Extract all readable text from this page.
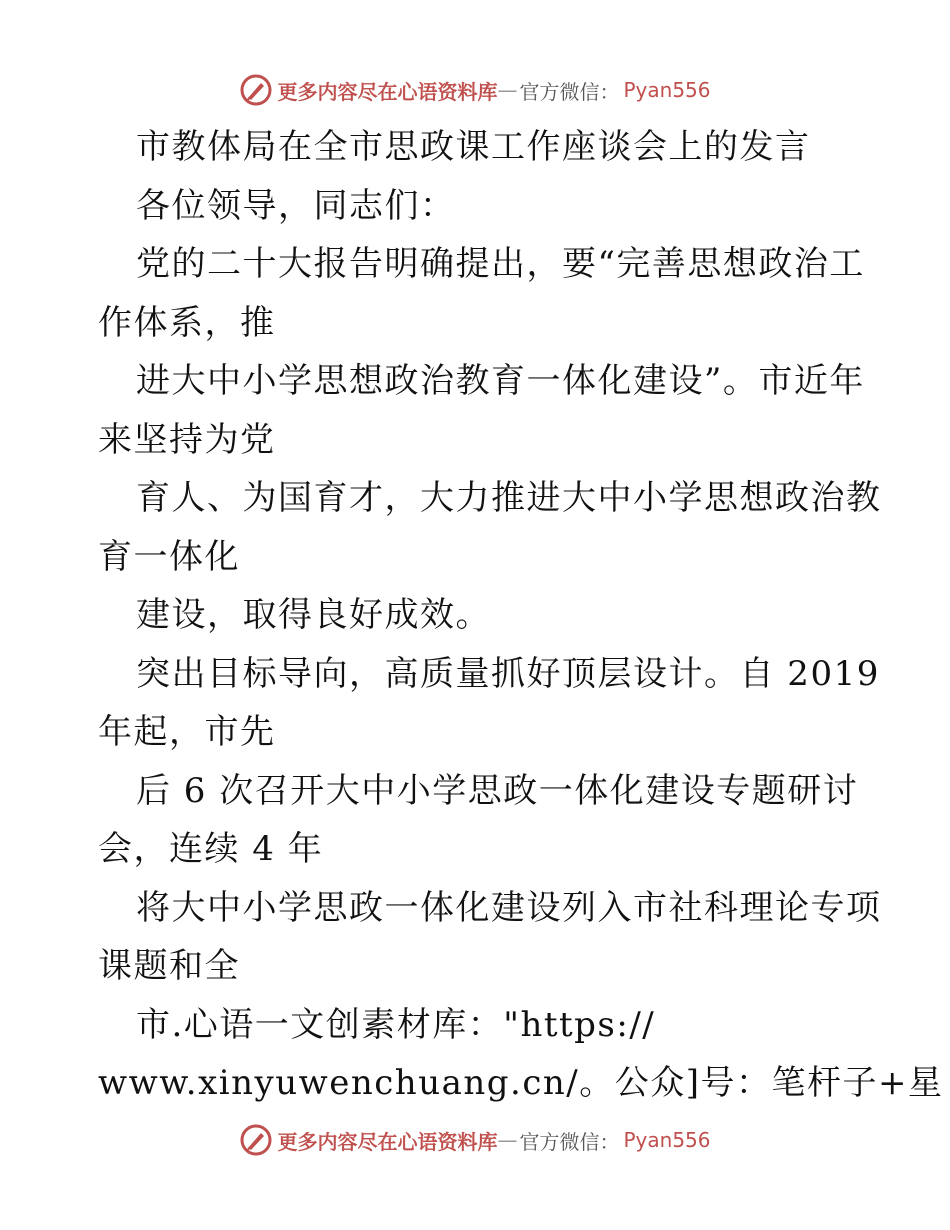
更多内容尽在心语资料库 — 官方微信： Pyan556
市教体局在全市思政课工作座谈会上的发言
各位领导，同志们：
党的二十大报告明确提出，要“完善思想政治工
作体系，推
进大中小学思想政治教育一体化建设”。市近年
来坚持为党
育人、为国育才，大力推进大中小学思想政治教
育一体化
建设，取得良好成效。
突出目标导向，高质量抓好顶层设计。自 2019
年起，市先
后 6 次召开大中小学思政一体化建设专题研讨
会，连续 4 年
将大中小学思政一体化建设列入市社科理论专项
课题和全
市.心语一文创素材库："https://
www.xinyuwenchuang.cn/。公众]号：笔杆子+星
更多内容尽在心语资料库 — 官方微信： Pyan556
